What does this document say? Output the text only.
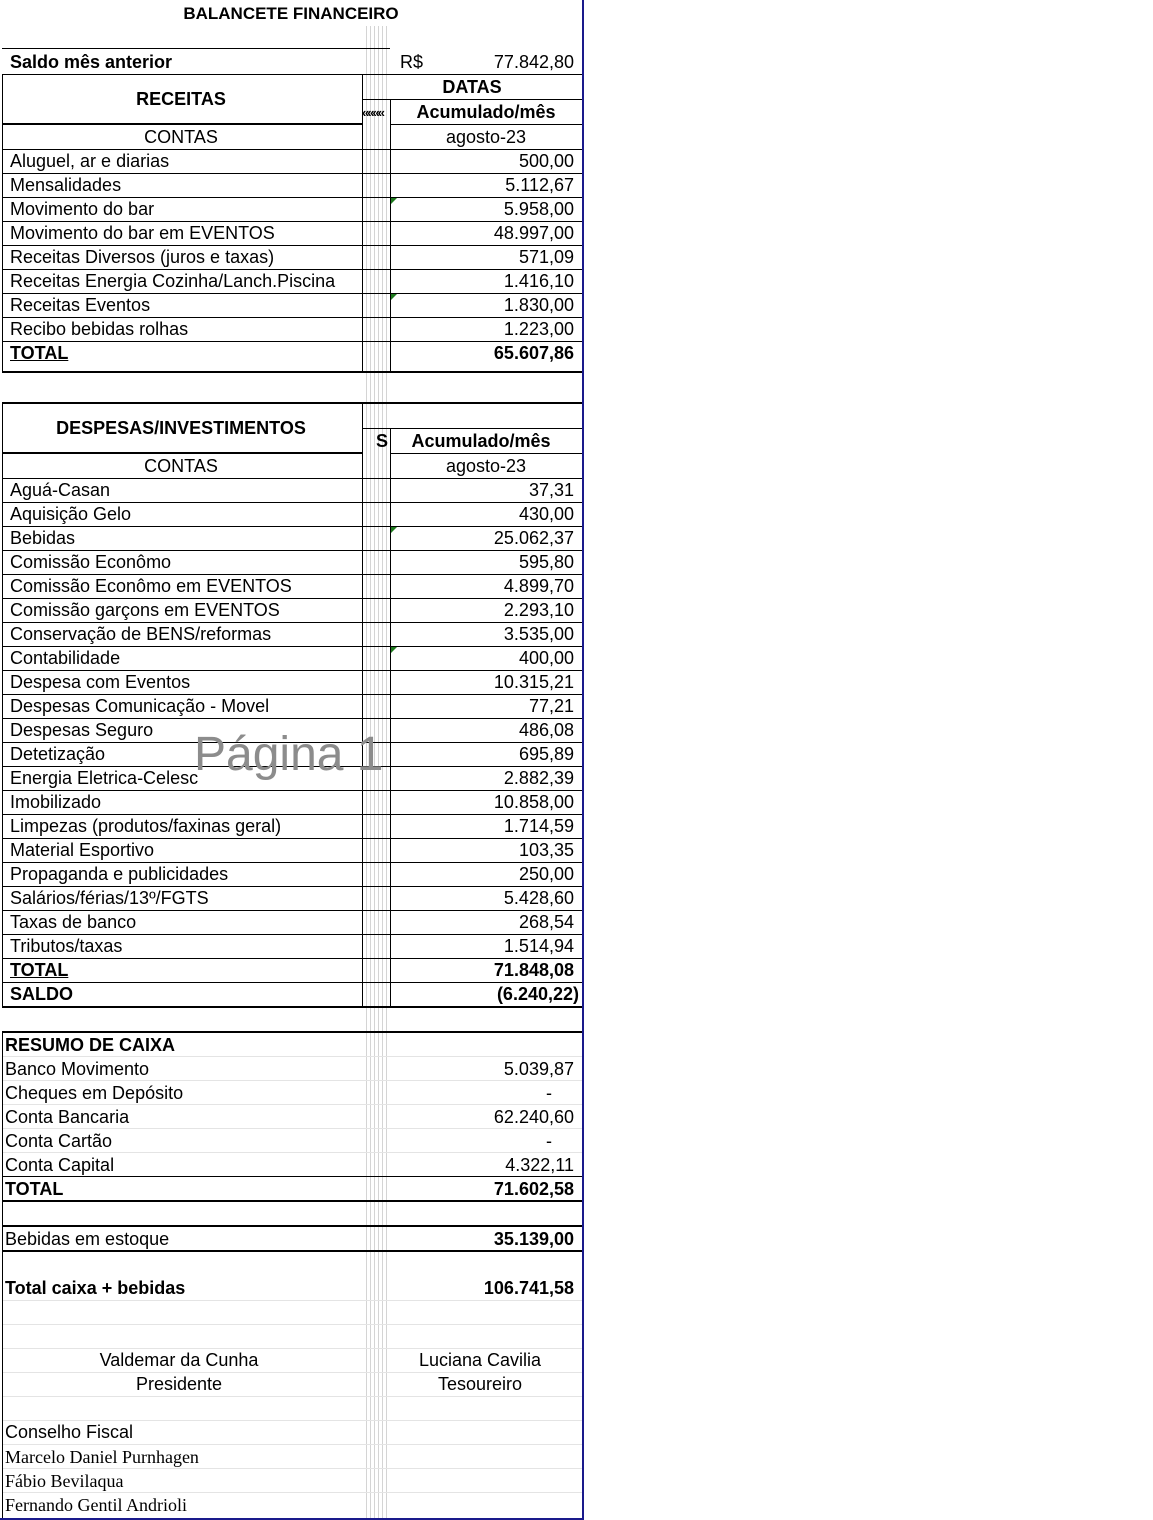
BALANCETE FINANCEIRO
Saldo mês anterior	R$	77.842,80
RECEITAS
DATAS
««««	Acumulado/mês
CONTAS	agosto-23
Aluguel, ar e diarias	500,00
Mensalidades	5.112,67
Movimento do bar	5.958,00
Movimento do bar em EVENTOS	48.997,00
Receitas Diversos (juros e taxas)	571,09
Receitas Energia Cozinha/Lanch.Piscina	1.416,10
Receitas Eventos	1.830,00
Recibo bebidas rolhas	1.223,00
TOTAL	65.607,86
DESPESAS/INVESTIMENTOS
S	Acumulado/mês
CONTAS	agosto-23
Aguá-Casan	37,31
Aquisição Gelo	430,00
Bebidas	25.062,37
Comissão Econômo	595,80
Comissão Econômo em EVENTOS	4.899,70
Comissão garçons em EVENTOS	2.293,10
Conservação de BENS/reformas	3.535,00
Contabilidade	400,00
Despesa com Eventos	10.315,21
Despesas Comunicação - Movel	77,21
Despesas Seguro	486,08
Detetização	695,89
Energia Eletrica-Celesc	2.882,39
Imobilizado	10.858,00
Limpezas (produtos/faxinas geral)	1.714,59
Material Esportivo	103,35
Propaganda e publicidades	250,00
Salários/férias/13º/FGTS	5.428,60
Taxas de banco	268,54
Tributos/taxas	1.514,94
TOTAL	71.848,08
SALDO	(6.240,22)
RESUMO DE CAIXA
Banco Movimento	5.039,87
Cheques em Depósito	-
Conta Bancaria	62.240,60
Conta Cartão	-
Conta Capital	4.322,11
TOTAL	71.602,58
Bebidas em estoque	35.139,00
Total caixa + bebidas	106.741,58
Valdemar da Cunha	Luciana Cavilia
Presidente	Tesoureiro
Conselho Fiscal
Marcelo Daniel Purnhagen
Fábio Bevilaqua
Fernando Gentil Andrioli
Página 1
